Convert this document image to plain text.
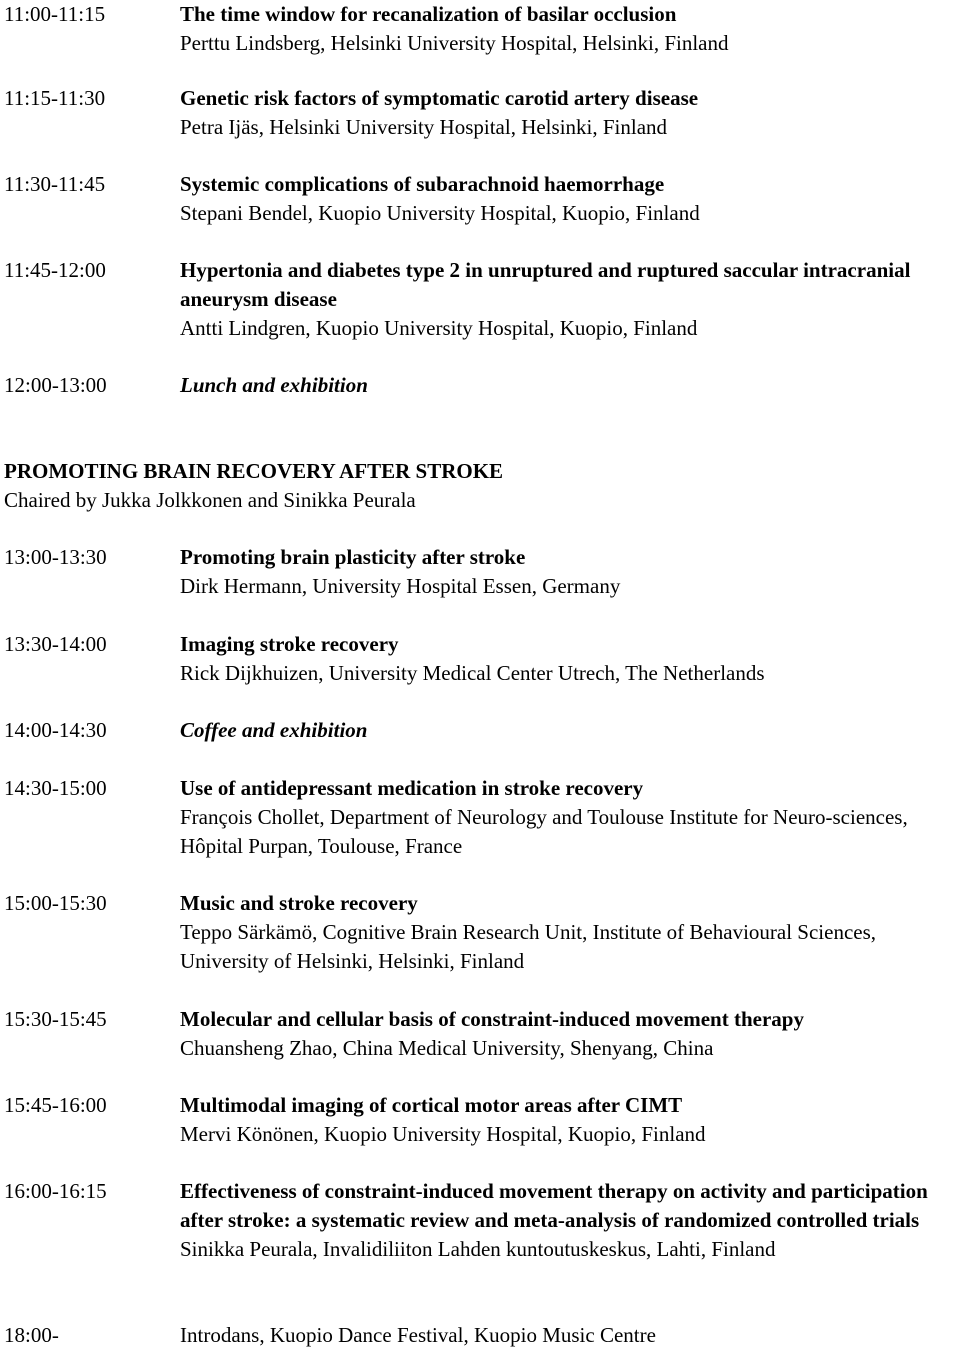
11:00-11:15	The time window for recanalization of basilar occlusion
Perttu Lindsberg, Helsinki University Hospital, Helsinki, Finland
11:15-11:30	Genetic risk factors of symptomatic carotid artery disease
Petra Ijäs, Helsinki University Hospital, Helsinki, Finland
11:30-11:45	Systemic complications of subarachnoid haemorrhage
Stepani Bendel, Kuopio University Hospital, Kuopio, Finland
11:45-12:00	Hypertonia and diabetes type 2 in unruptured and ruptured saccular intracranial aneurysm disease
Antti Lindgren, Kuopio University Hospital, Kuopio, Finland
12:00-13:00	Lunch and exhibition
PROMOTING BRAIN RECOVERY AFTER STROKE
Chaired by Jukka Jolkkonen and Sinikka Peurala
13:00-13:30	Promoting brain plasticity after stroke
Dirk Hermann, University Hospital Essen, Germany
13:30-14:00	Imaging stroke recovery
Rick Dijkhuizen, University Medical Center Utrech, The Netherlands
14:00-14:30	Coffee and exhibition
14:30-15:00	Use of antidepressant medication in stroke recovery
François Chollet, Department of Neurology and Toulouse Institute for Neuro-sciences, Hôpital Purpan, Toulouse, France
15:00-15:30	Music and stroke recovery
Teppo Särkämö, Cognitive Brain Research Unit, Institute of Behavioural Sciences, University of Helsinki, Helsinki, Finland
15:30-15:45	Molecular and cellular basis of constraint-induced movement therapy
Chuansheng Zhao, China Medical University, Shenyang, China
15:45-16:00	Multimodal imaging of cortical motor areas after CIMT
Mervi Könönen, Kuopio University Hospital, Kuopio, Finland
16:00-16:15	Effectiveness of constraint-induced movement therapy on activity and participation after stroke: a systematic review and meta-analysis of randomized controlled trials
Sinikka Peurala, Invalidiliiton Lahden kuntoutuskeskus, Lahti, Finland
18:00-	Introdans, Kuopio Dance Festival, Kuopio Music Centre
